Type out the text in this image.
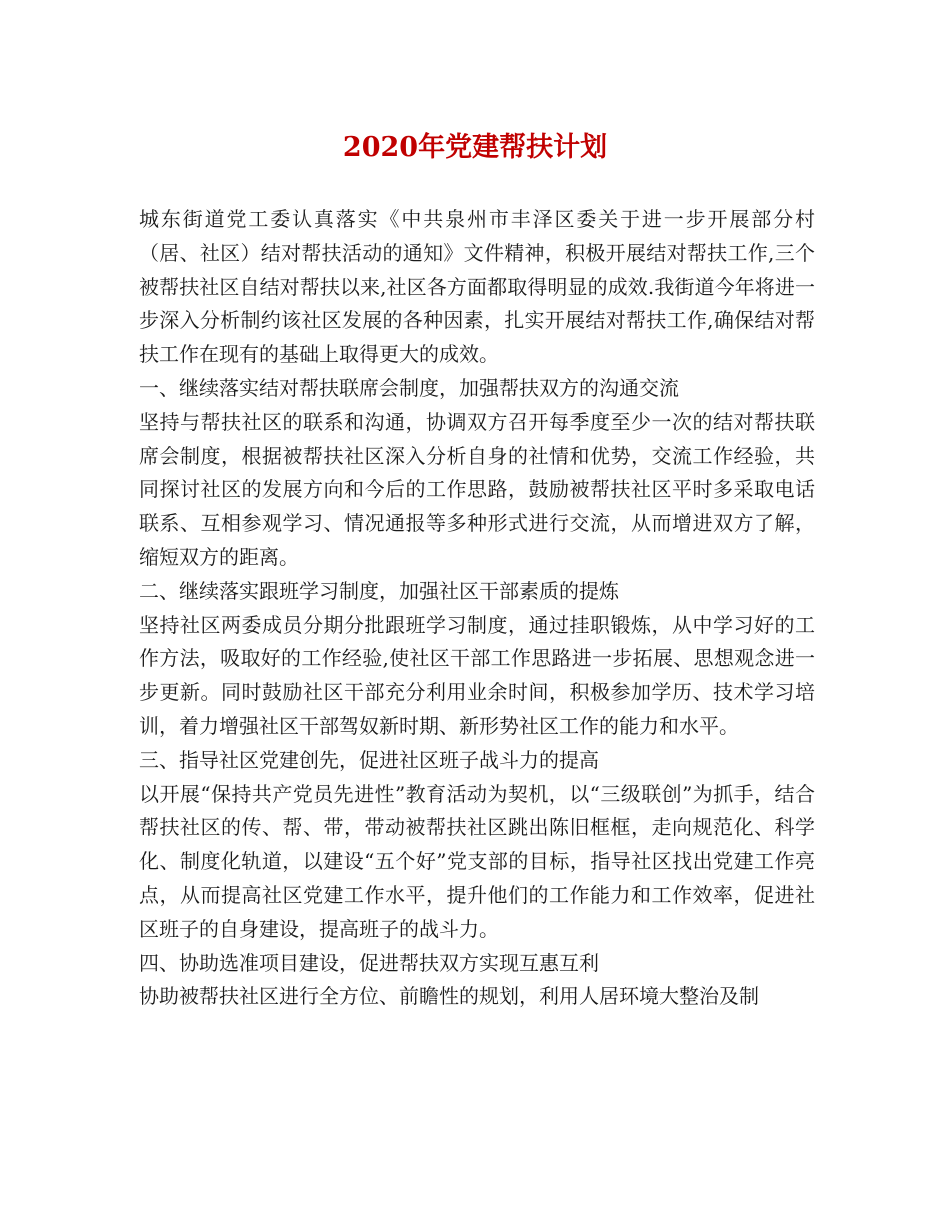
2020年党建帮扶计划

城东街道党工委认真落实《中共泉州市丰泽区委关于进一步开展部分村（居、社区）结对帮扶活动的通知》文件精神，积极开展结对帮扶工作,三个被帮扶社区自结对帮扶以来,社区各方面都取得明显的成效.我街道今年将进一步深入分析制约该社区发展的各种因素，扎实开展结对帮扶工作,确保结对帮扶工作在现有的基础上取得更大的成效。

一、继续落实结对帮扶联席会制度，加强帮扶双方的沟通交流

坚持与帮扶社区的联系和沟通，协调双方召开每季度至少一次的结对帮扶联席会制度，根据被帮扶社区深入分析自身的社情和优势，交流工作经验，共同探讨社区的发展方向和今后的工作思路，鼓励被帮扶社区平时多采取电话联系、互相参观学习、情况通报等多种形式进行交流，从而增进双方了解，缩短双方的距离。

二、继续落实跟班学习制度，加强社区干部素质的提炼

坚持社区两委成员分期分批跟班学习制度，通过挂职锻炼，从中学习好的工作方法，吸取好的工作经验,使社区干部工作思路进一步拓展、思想观念进一步更新。同时鼓励社区干部充分利用业余时间，积极参加学历、技术学习培训，着力增强社区干部驾奴新时期、新形势社区工作的能力和水平。

三、指导社区党建创先，促进社区班子战斗力的提高

以开展“保持共产党员先进性”教育活动为契机，以“三级联创”为抓手，结合帮扶社区的传、帮、带，带动被帮扶社区跳出陈旧框框，走向规范化、科学化、制度化轨道，以建设“五个好”党支部的目标，指导社区找出党建工作亮点，从而提高社区党建工作水平，提升他们的工作能力和工作效率，促进社区班子的自身建设，提高班子的战斗力。

四、协助选准项目建设，促进帮扶双方实现互惠互利

协助被帮扶社区进行全方位、前瞻性的规划，利用人居环境大整治及制
